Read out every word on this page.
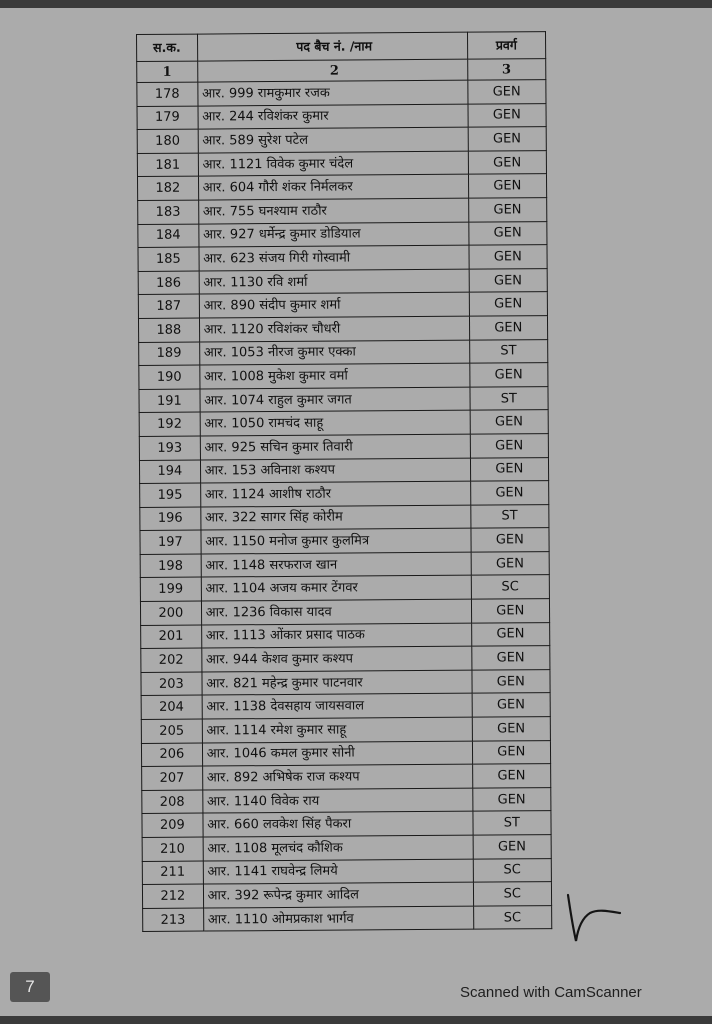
स.क.	पद बैच नं. /नाम	प्रवर्ग
1	2	3
178	आर. 999 रामकुमार रजक	GEN
179	आर. 244 रविशंकर कुमार	GEN
180	आर. 589 सुरेश पटेल	GEN
181	आर. 1121 विवेक कुमार चंदेल	GEN
182	आर. 604 गौरी शंकर निर्मलकर	GEN
183	आर. 755 घनश्याम राठौर	GEN
184	आर. 927 धर्मेन्द्र कुमार डोडियाल	GEN
185	आर. 623 संजय गिरी गोस्वामी	GEN
186	आर. 1130 रवि शर्मा	GEN
187	आर. 890 संदीप कुमार शर्मा	GEN
188	आर. 1120 रविशंकर चौधरी	GEN
189	आर. 1053 नीरज कुमार एक्का	ST
190	आर. 1008 मुकेश कुमार वर्मा	GEN
191	आर. 1074 राहुल कुमार जगत	ST
192	आर. 1050 रामचंद साहू	GEN
193	आर. 925 सचिन कुमार तिवारी	GEN
194	आर. 153 अविनाश कश्यप	GEN
195	आर. 1124 आशीष राठौर	GEN
196	आर. 322 सागर सिंह कोरीम	ST
197	आर. 1150 मनोज कुमार कुलमित्र	GEN
198	आर. 1148 सरफराज खान	GEN
199	आर. 1104 अजय कमार टेंगवर	SC
200	आर. 1236 विकास यादव	GEN
201	आर. 1113 ओंकार प्रसाद पाठक	GEN
202	आर. 944 केशव कुमार कश्यप	GEN
203	आर. 821 महेन्द्र कुमार पाटनवार	GEN
204	आर. 1138 देवसहाय जायसवाल	GEN
205	आर. 1114 रमेश कुमार साहू	GEN
206	आर. 1046 कमल कुमार सोनी	GEN
207	आर. 892 अभिषेक राज कश्यप	GEN
208	आर. 1140 विवेक राय	GEN
209	आर. 660 लवकेश सिंह पैकरा	ST
210	आर. 1108 मूलचंद कौशिक	GEN
211	आर. 1141 राघवेन्द्र लिमये	SC
212	आर. 392 रूपेन्द्र कुमार आदिल	SC
213	आर. 1110 ओमप्रकाश भार्गव	SC
7	Scanned with CamScanner
